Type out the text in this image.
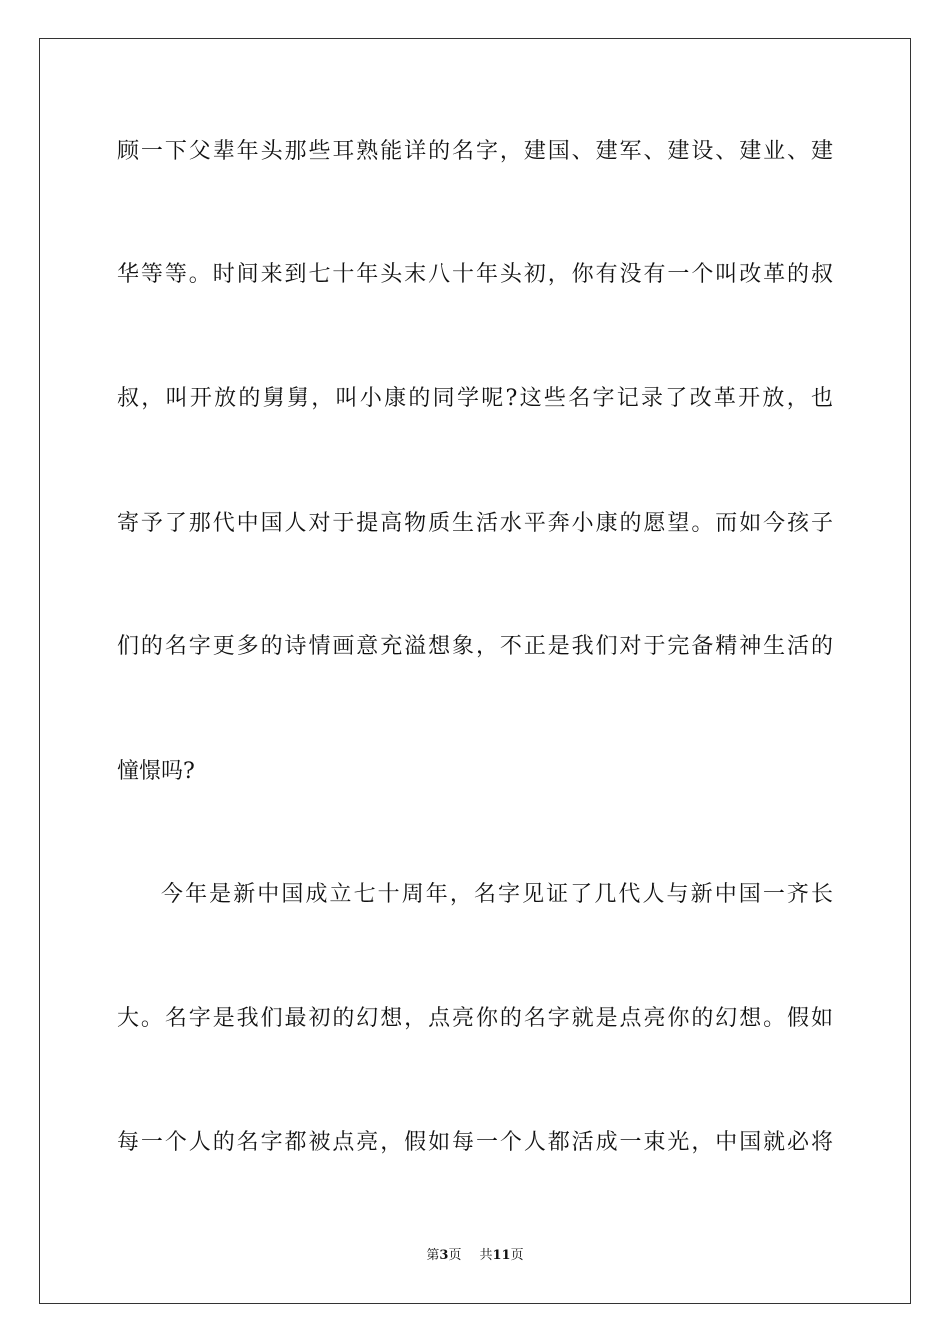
顾一下父辈年头那些耳熟能详的名字，建国、建军、建设、建业、建
华等等。时间来到七十年头末八十年头初，你有没有一个叫改革的叔
叔，叫开放的舅舅，叫小康的同学呢?这些名字记录了改革开放，也
寄予了那代中国人对于提高物质生活水平奔小康的愿望。而如今孩子
们的名字更多的诗情画意充溢想象，不正是我们对于完备精神生活的
憧憬吗?
今年是新中国成立七十周年，名字见证了几代人与新中国一齐长
大。名字是我们最初的幻想，点亮你的名字就是点亮你的幻想。假如
每一个人的名字都被点亮，假如每一个人都活成一束光，中国就必将
第3页 共11页
